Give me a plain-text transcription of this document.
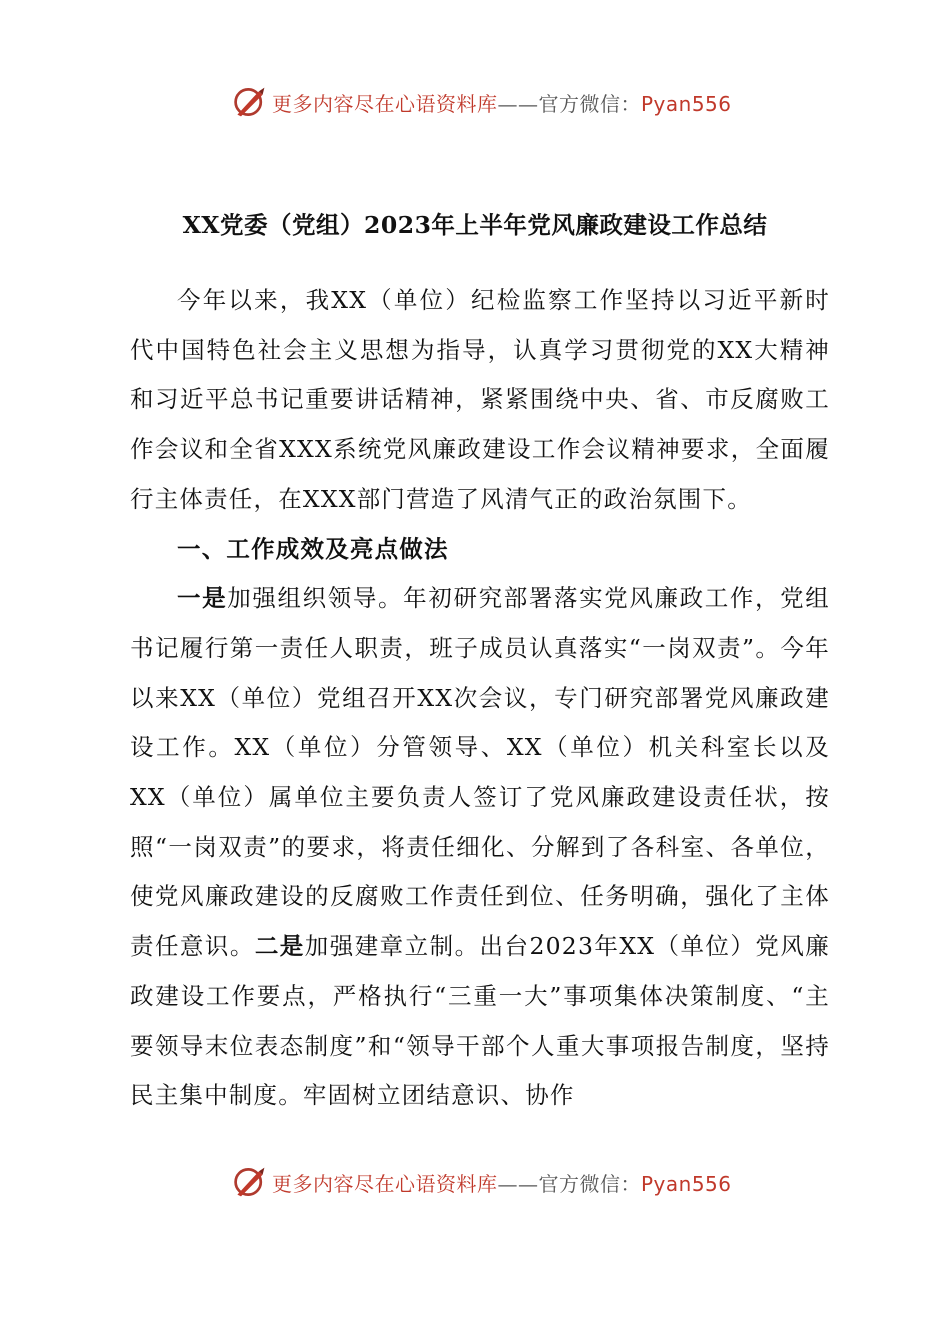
更多内容尽在心语资料库——官方微信：Pyan556
XX党委（党组）2023年上半年党风廉政建设工作总结

今年以来，我XX（单位）纪检监察工作坚持以习近平新时代中国特色社会主义思想为指导，认真学习贯彻党的XX大精神和习近平总书记重要讲话精神，紧紧围绕中央、省、市反腐败工作会议和全省XXX系统党风廉政建设工作会议精神要求，全面履行主体责任，在XXX部门营造了风清气正的政治氛围下。

一、工作成效及亮点做法

一是加强组织领导。年初研究部署落实党风廉政工作，党组书记履行第一责任人职责，班子成员认真落实“一岗双责”。今年以来XX（单位）党组召开XX次会议，专门研究部署党风廉政建设工作。XX（单位）分管领导、XX（单位）机关科室长以及XX（单位）属单位主要负责人签订了党风廉政建设责任状，按照“一岗双责”的要求，将责任细化、分解到了各科室、各单位，使党风廉政建设的反腐败工作责任到位、任务明确，强化了主体责任意识。二是加强建章立制。出台2023年XX（单位）党风廉政建设工作要点，严格执行“三重一大”事项集体决策制度、“主要领导末位表态制度”和“领导干部个人重大事项报告制度，坚持民主集中制度。牢固树立团结意识、协作

更多内容尽在心语资料库——官方微信：Pyan556
